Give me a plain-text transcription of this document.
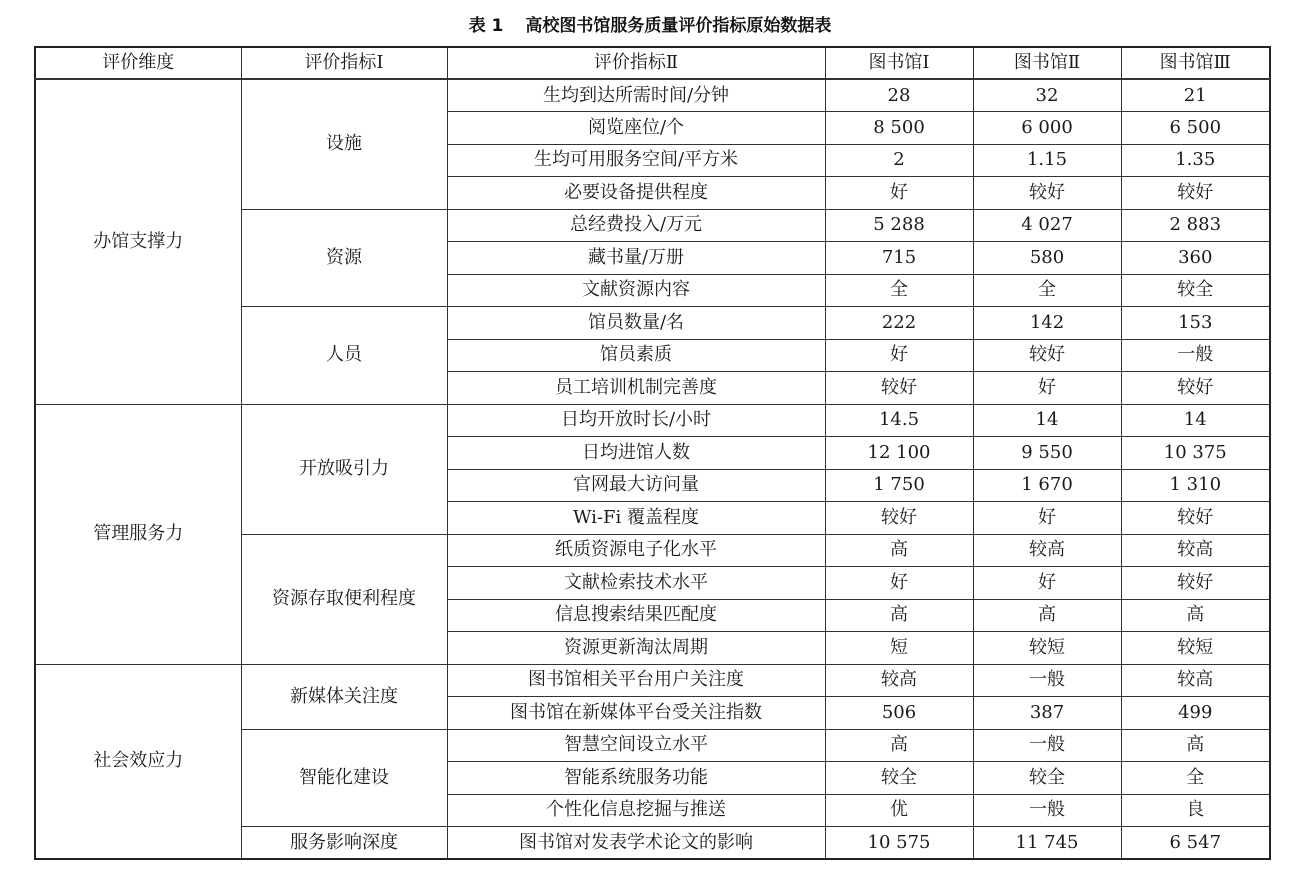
表 1 高校图书馆服务质量评价指标原始数据表
评价维度	评价指标Ⅰ	评价指标Ⅱ	图书馆Ⅰ	图书馆Ⅱ	图书馆Ⅲ
办馆支撑力	设施	生均到达所需时间/分钟	28	32	21
		阅览座位/个	8 500	6 000	6 500
		生均可用服务空间/平方米	2	1.15	1.35
		必要设备提供程度	好	较好	较好
	资源	总经费投入/万元	5 288	4 027	2 883
		藏书量/万册	715	580	360
		文献资源内容	全	全	较全
	人员	馆员数量/名	222	142	153
		馆员素质	好	较好	一般
		员工培训机制完善度	较好	好	较好
管理服务力	开放吸引力	日均开放时长/小时	14.5	14	14
		日均进馆人数	12 100	9 550	10 375
		官网最大访问量	1 750	1 670	1 310
		Wi-Fi 覆盖程度	较好	好	较好
	资源存取便利程度	纸质资源电子化水平	高	较高	较高
		文献检索技术水平	好	好	较好
		信息搜索结果匹配度	高	高	高
		资源更新淘汰周期	短	较短	较短
社会效应力	新媒体关注度	图书馆相关平台用户关注度	较高	一般	较高
		图书馆在新媒体平台受关注指数	506	387	499
	智能化建设	智慧空间设立水平	高	一般	高
		智能系统服务功能	较全	较全	全
		个性化信息挖掘与推送	优	一般	良
	服务影响深度	图书馆对发表学术论文的影响	10 575	11 745	6 547
